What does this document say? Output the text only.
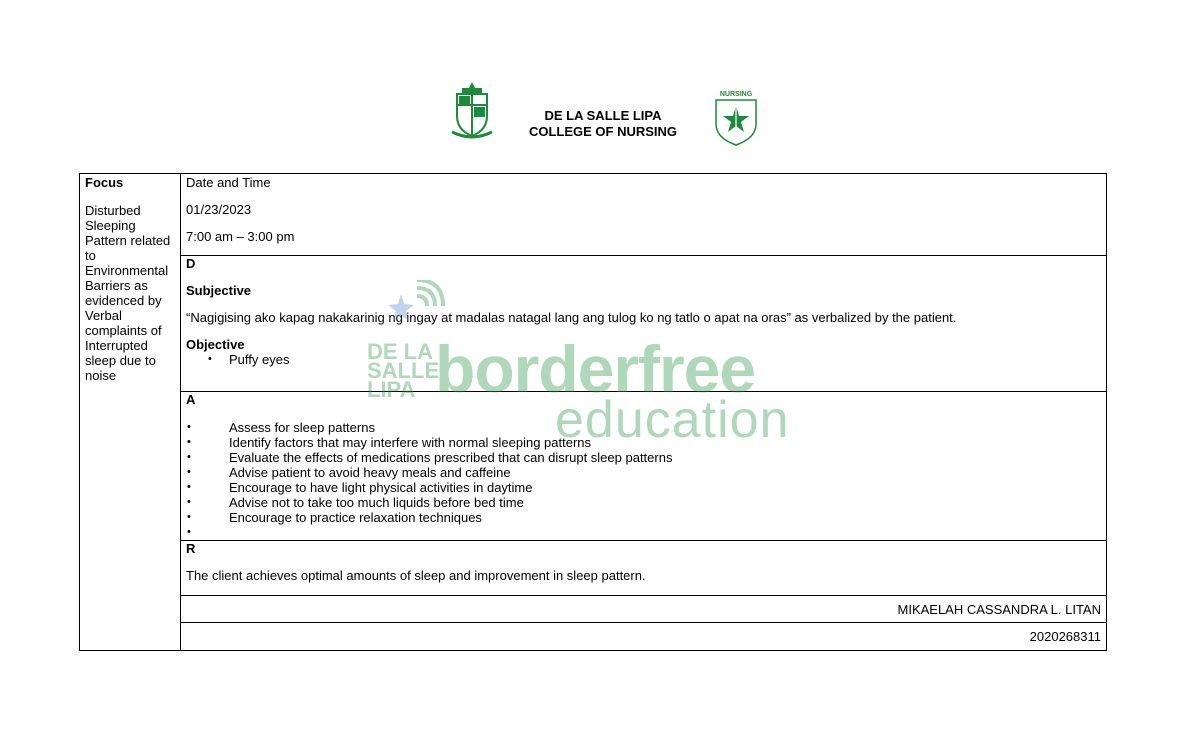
DE LA SALLE LIPA
COLLEGE OF NURSING
NURSING
Focus
Disturbed Sleeping Pattern related to Environmental Barriers as evidenced by Verbal complaints of Interrupted sleep due to noise

Date and Time

01/23/2023

7:00 am – 3:00 pm

D

Subjective

“Nagigising ako kapag nakakarinig ng ingay at madalas natagal lang ang tulog ko ng tatlo o apat na oras” as verbalized by the patient.

Objective

• Puffy eyes

A

• Assess for sleep patterns
• Identify factors that may interfere with normal sleeping patterns
• Evaluate the effects of medications prescribed that can disrupt sleep patterns
• Advise patient to avoid heavy meals and caffeine
• Encourage to have light physical activities in daytime
• Advise not to take too much liquids before bed time
• Encourage to practice relaxation techniques
•

R

The client achieves optimal amounts of sleep and improvement in sleep pattern.

MIKAELAH CASSANDRA L. LITAN
2020268311
DE LA
SALLE
LIPA borderfree
education
